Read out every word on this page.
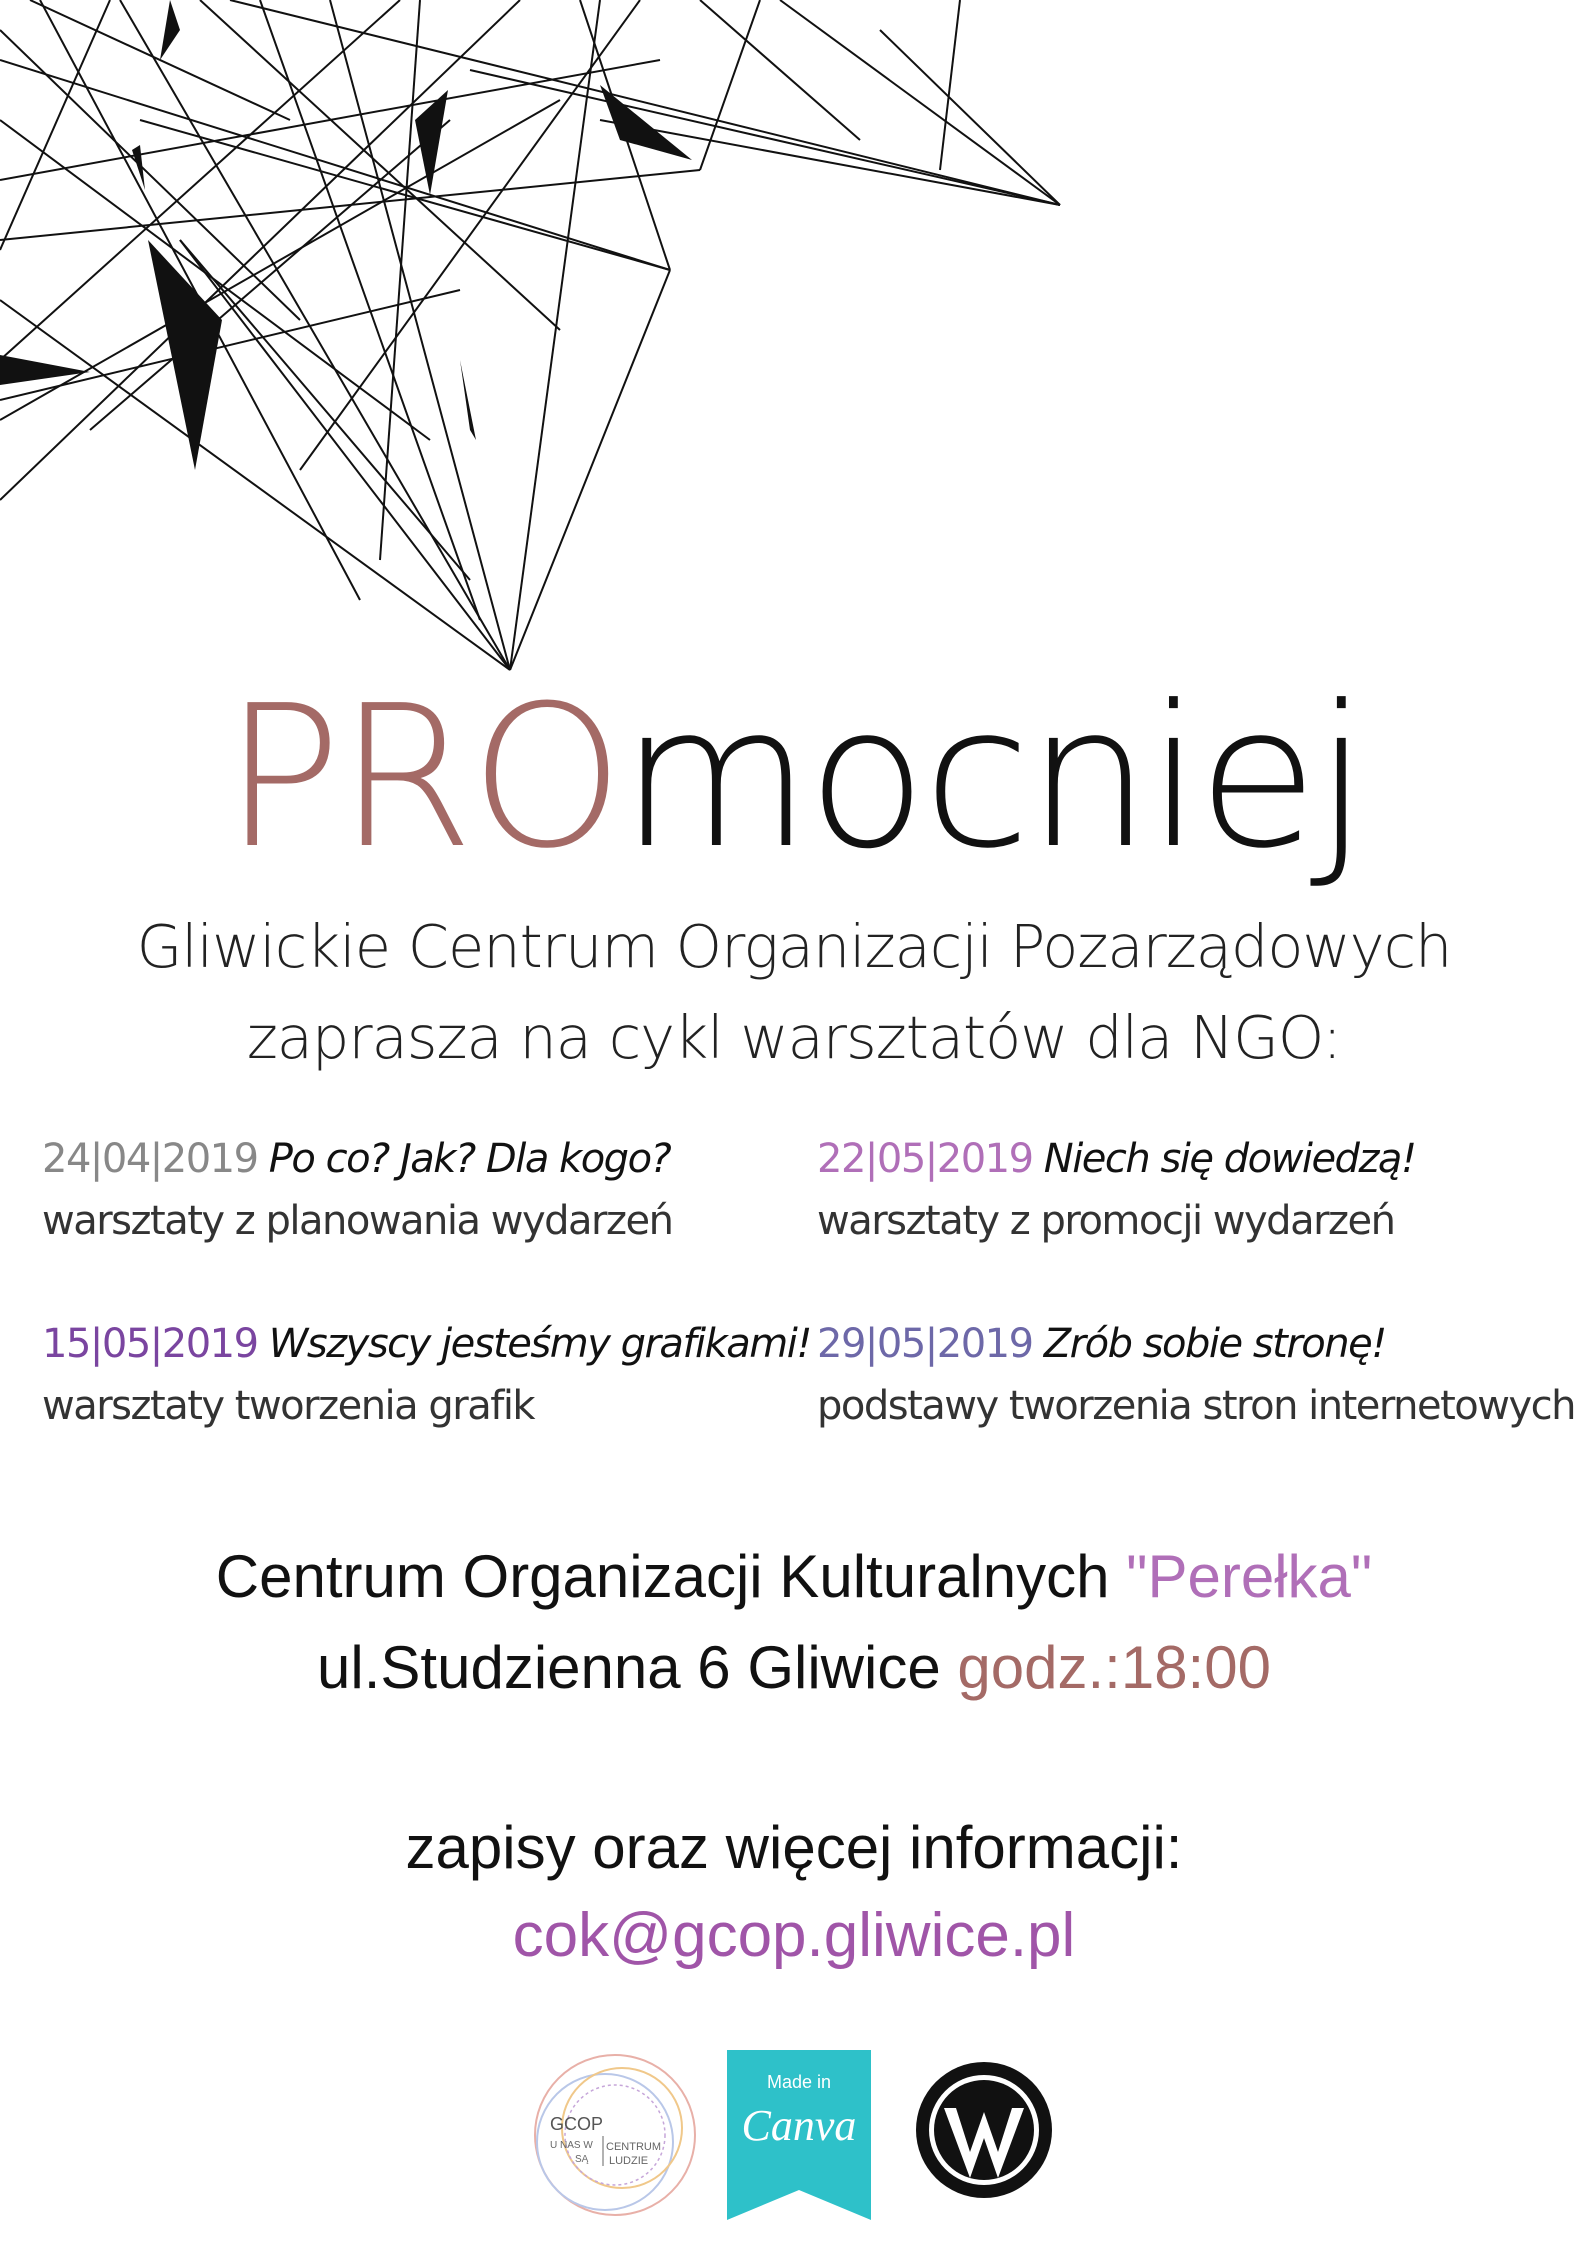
PROmocniej
Gliwickie Centrum Organizacji Pozarządowych
zaprasza na cykl warsztatów dla NGO:
24|04|2019 Po co? Jak? Dla kogo?
warsztaty z planowania wydarzeń
22|05|2019 Niech się dowiedzą!
warsztaty z promocji wydarzeń
15|05|2019 Wszyscy jesteśmy grafikami!
warsztaty tworzenia grafik
29|05|2019 Zrób sobie stronę!
podstawy tworzenia stron internetowych
Centrum Organizacji Kulturalnych "Perełka"
ul.Studzienna 6 Gliwice godz.:18:00
zapisy oraz więcej informacji:
cok@gcop.gliwice.pl
GCOP
U NAS W
SĄ
CENTRUM
LUDZIE
Made in
Canva
